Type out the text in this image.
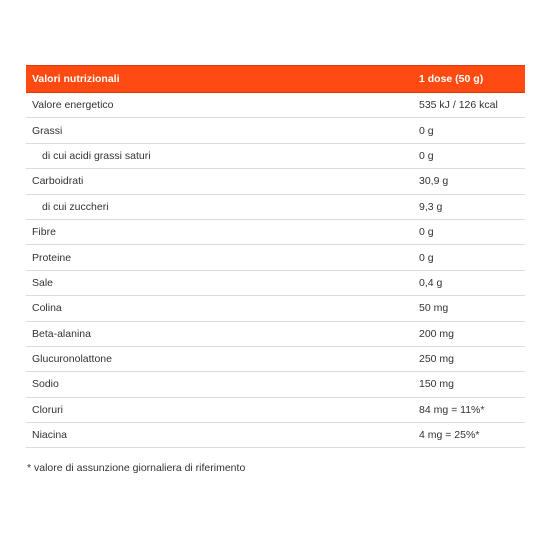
Valori nutrizionali	1 dose (50 g)
Valore energetico	535 kJ / 126 kcal
Grassi	0 g
di cui acidi grassi saturi	0 g
Carboidrati	30,9 g
di cui zuccheri	9,3 g
Fibre	0 g
Proteine	0 g
Sale	0,4 g
Colina	50 mg
Beta-alanina	200 mg
Glucuronolattone	250 mg
Sodio	150 mg
Cloruri	84 mg = 11%*
Niacina	4 mg = 25%*
* valore di assunzione giornaliera di riferimento
